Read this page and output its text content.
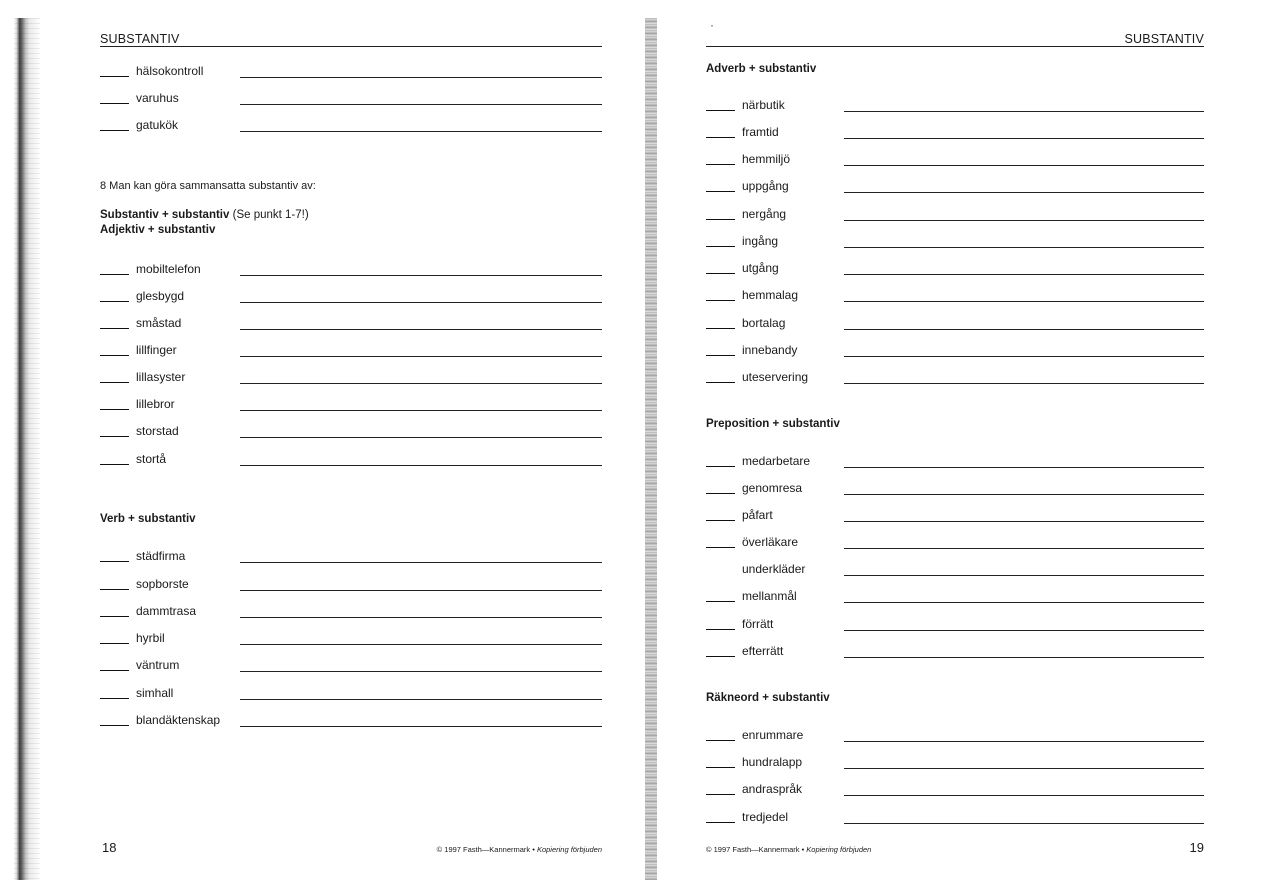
SUBSTANTIV
hälsokontroll
varuhus
gatukök
8 Man kan göra sammansatta substantiv av:
Substantiv + substantiv (Se punkt 1-7!)
Adjektiv + substantiv
mobiltelefon
glesbygd
småstad
lillfinger
lillasyster
lillebror
storstad
stortå
Verb + substantiv
städfirma
sopborste
dammtrasa
hyrbil
väntrum
simhall
blandäktenskap
18	© 1997 Fasth—Kannermark • Kopiering förbjuden
·
SUBSTANTIV
Adverb + substantiv
närbutik
framtid
hemmiljö
uppgång
nergång
ingång
utgång
hemmalag
bortalag
innebandy
uteservering
Preposition + substantiv
medarbetare
genomresa
påfart
överläkare
underkläder
mellanmål
förrätt
efterrätt
Räkneord + substantiv
enrummare
hundralapp
andraspråk
tredjedel
© 1997 Fasth—Kannermark • Kopiering förbjuden	19
